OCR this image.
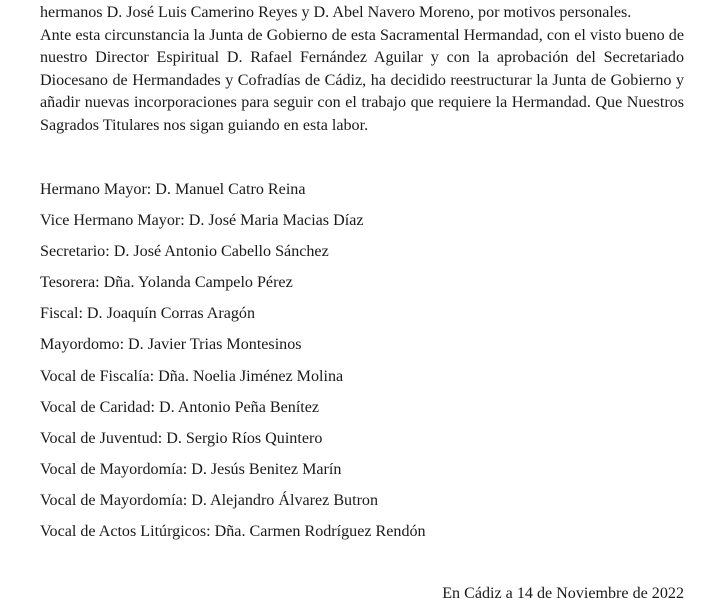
hermanos D. José Luis Camerino Reyes y D. Abel Navero Moreno, por motivos personales.

Ante esta circunstancia la Junta de Gobierno de esta Sacramental Hermandad, con el visto bueno de nuestro Director Espiritual D. Rafael Fernández Aguilar y con la aprobación del Secretariado Diocesano de Hermandades y Cofradías de Cádiz, ha decidido reestructurar la Junta de Gobierno y añadir nuevas incorporaciones para seguir con el trabajo que requiere la Hermandad. Que Nuestros Sagrados Titulares nos sigan guiando en esta labor.

Hermano Mayor: D. Manuel Catro Reina
Vice Hermano Mayor: D. José Maria Macias Díaz
Secretario: D. José Antonio Cabello Sánchez
Tesorera: Dña. Yolanda Campelo Pérez
Fiscal: D. Joaquín Corras Aragón
Mayordomo: D. Javier Trias Montesinos
Vocal de Fiscalía: Dña. Noelia Jiménez Molina
Vocal de Caridad: D. Antonio Peña Benítez
Vocal de Juventud: D. Sergio Ríos Quintero
Vocal de Mayordomía: D. Jesús Benitez Marín
Vocal de Mayordomía: D. Alejandro Álvarez Butron
Vocal de Actos Litúrgicos: Dña. Carmen Rodríguez Rendón

En Cádiz a 14 de Noviembre de 2022
